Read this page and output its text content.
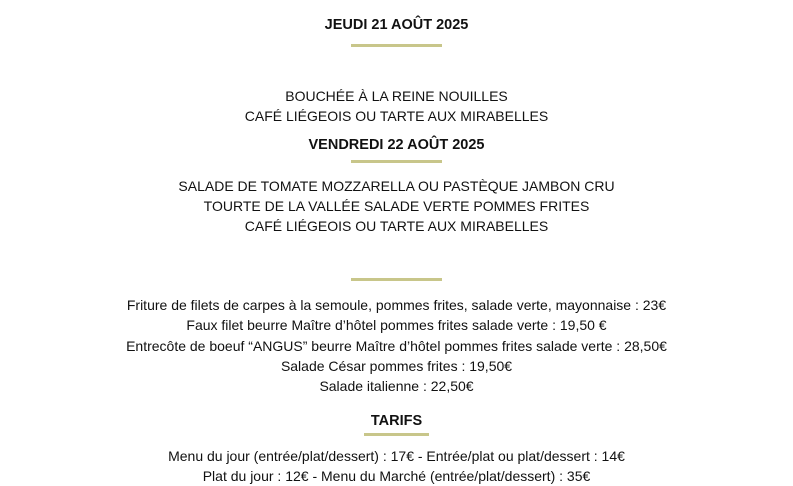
JEUDI 21 AOÛT 2025
BOUCHÉE À LA REINE NOUILLES
CAFÉ LIÉGEOIS OU TARTE AUX MIRABELLES
VENDREDI 22 AOÛT 2025
SALADE DE TOMATE MOZZARELLA OU PASTÈQUE JAMBON CRU
TOURTE DE LA VALLÉE SALADE VERTE POMMES FRITES
CAFÉ LIÉGEOIS OU TARTE AUX MIRABELLES
Friture de filets de carpes à la semoule, pommes frites, salade verte, mayonnaise : 23€
Faux filet beurre Maître d’hôtel pommes frites salade verte : 19,50 €
Entrecôte de boeuf “ANGUS” beurre Maître d’hôtel pommes frites salade verte : 28,50€
Salade César pommes frites : 19,50€
Salade italienne : 22,50€
TARIFS
Menu du jour (entrée/plat/dessert) : 17€ - Entrée/plat ou plat/dessert : 14€
Plat du jour : 12€ - Menu du Marché (entrée/plat/dessert) : 35€
